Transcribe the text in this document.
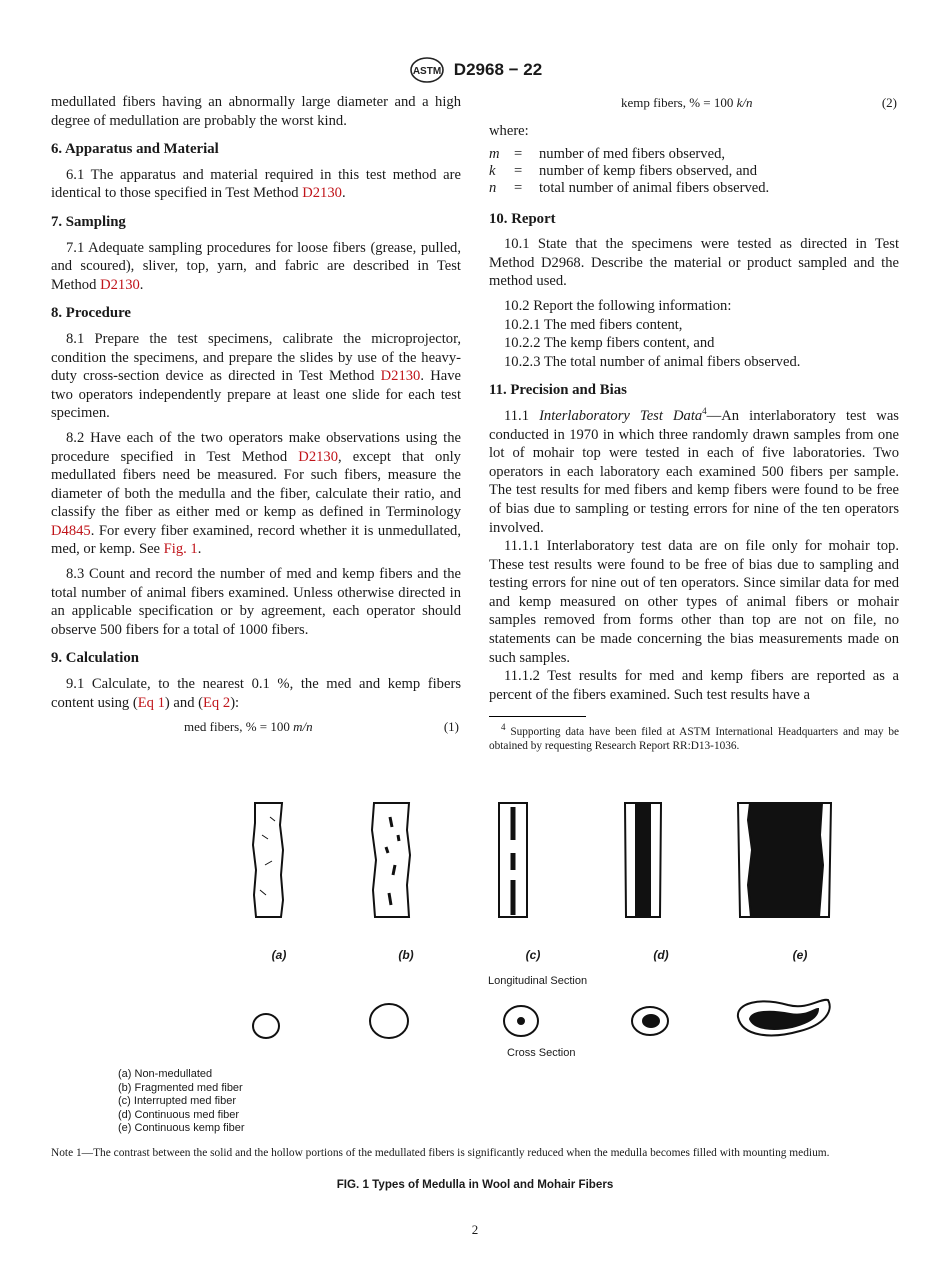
ASTM D2968 − 22

medullated fibers having an abnormally large diameter and a high degree of medullation are probably the worst kind.

6. Apparatus and Material

6.1 The apparatus and material required in this test method are identical to those specified in Test Method D2130.

7. Sampling

7.1 Adequate sampling procedures for loose fibers (grease, pulled, and scoured), sliver, top, yarn, and fabric are described in Test Method D2130.

8. Procedure

8.1 Prepare the test specimens, calibrate the microprojector, condition the specimens, and prepare the slides by use of the heavy-duty cross-section device as directed in Test Method D2130. Have two operators independently prepare at least one slide for each test specimen.

8.2 Have each of the two operators make observations using the procedure specified in Test Method D2130, except that only medullated fibers need be measured. For such fibers, measure the diameter of both the medulla and the fiber, calculate their ratio, and classify the fiber as either med or kemp as defined in Terminology D4845. For every fiber examined, record whether it is unmedullated, med, or kemp. See Fig. 1.

8.3 Count and record the number of med and kemp fibers and the total number of animal fibers examined. Unless otherwise directed in an applicable specification or by agreement, each operator should observe 500 fibers for a total of 1000 fibers.

9. Calculation

9.1 Calculate, to the nearest 0.1 %, the med and kemp fibers content using (Eq 1) and (Eq 2):

med fibers, % = 100 m/n	(1)
kemp fibers, % = 100 k/n	(2)

where:

m = number of med fibers observed,
k = number of kemp fibers observed, and
n = total number of animal fibers observed.
10. Report

10.1 State that the specimens were tested as directed in Test Method D2968. Describe the material or product sampled and the method used.

10.2 Report the following information:

10.2.1 The med fibers content,

10.2.2 The kemp fibers content, and

10.2.3 The total number of animal fibers observed.

11. Precision and Bias

11.1 Interlaboratory Test Data$^4$—An interlaboratory test was conducted in 1970 in which three randomly drawn samples from one lot of mohair top were tested in each of five laboratories. Two operators in each laboratory each examined 500 fibers per sample. The test results for med fibers and kemp fibers were found to be free of bias due to sampling or testing errors for nine of the ten operators involved.

11.1.1 Interlaboratory test data are on file only for mohair top. These test results were found to be free of bias due to sampling and testing errors for nine out of ten operators. Since similar data for med and kemp measured on other types of animal fibers or mohair samples removed from forms other than top are not on file, no statements can be made concerning the bias measurements made on such samples.

11.1.2 Test results for med and kemp fibers are reported as a percent of the fibers examined. Such test results have a

$^4$ Supporting data have been filed at ASTM International Headquarters and may be obtained by requesting Research Report RR:D13-1036.
(a)	(b)	(c)	(d)	(e)
Longitudinal Section
Cross Section
(a) Non-medullated
(b) Fragmented med fiber
(c) Interrupted med fiber
(d) Continuous med fiber
(e) Continuous kemp fiber
Note 1—The contrast between the solid and the hollow portions of the medullated fibers is significantly reduced when the medulla becomes filled with mounting medium.
FIG. 1 Types of Medulla in Wool and Mohair Fibers
2
